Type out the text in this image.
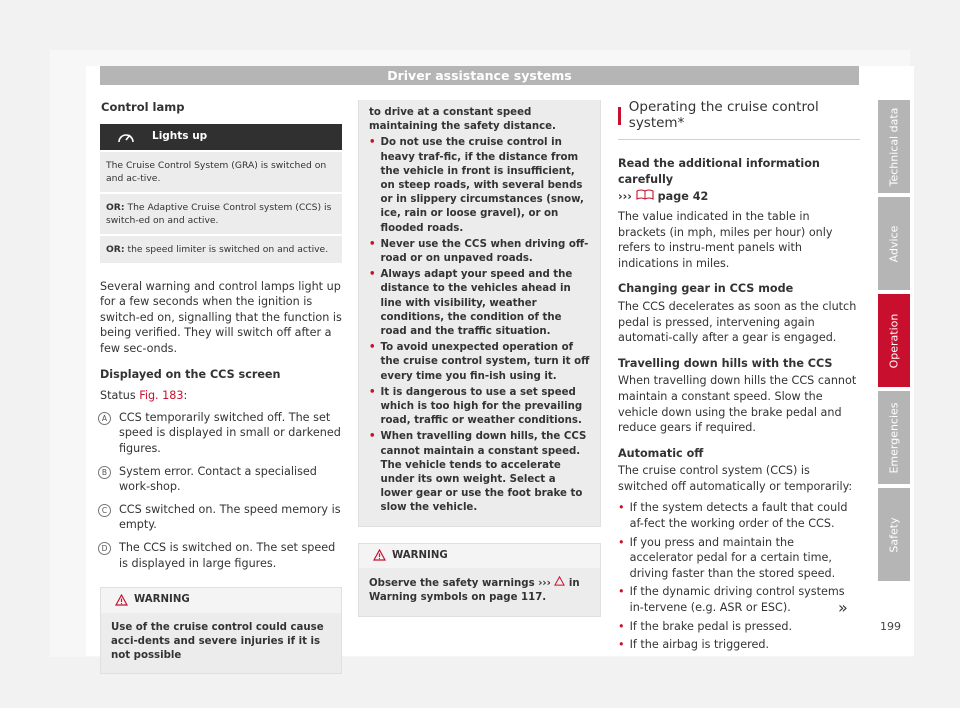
Driver assistance systems
Control lamp
Lights up
The Cruise Control System (GRA) is switched on and ac-tive.
OR: The Adaptive Cruise Control system (CCS) is switch-ed on and active.
OR: the speed limiter is switched on and active.

Several warning and control lamps light up for a few seconds when the ignition is switch-ed on, signalling that the function is being verified. They will switch off after a few sec-onds.

Displayed on the CCS screen

Status Fig. 183:

A	CCS temporarily switched off. The set speed is displayed in small or darkened figures.
B	System error. Contact a specialised work-shop.
C	CCS switched on. The speed memory is empty.
D	The CCS is switched on. The set speed is displayed in large figures.
WARNING
Use of the cruise control could cause acci-dents and severe injuries if it is not possible
to drive at a constant speed maintaining the safety distance.
• Do not use the cruise control in heavy traf-fic, if the distance from the vehicle in front is insufficient, on steep roads, with several bends or in slippery circumstances (snow, ice, rain or loose gravel), or on flooded roads.
• Never use the CCS when driving off-road or on unpaved roads.
• Always adapt your speed and the distance to the vehicles ahead in line with visibility, weather conditions, the condition of the road and the traffic situation.
• To avoid unexpected operation of the cruise control system, turn it off every time you fin-ish using it.
• It is dangerous to use a set speed which is too high for the prevailing road, traffic or weather conditions.
• When travelling down hills, the CCS cannot maintain a constant speed. The vehicle tends to accelerate under its own weight. Select a lower gear or use the foot brake to slow the vehicle.
WARNING
Observe the safety warnings ›››  in Warning symbols on page 117.
Operating the cruise control system*

Read the additional information carefully

››› page 42

The value indicated in the table in brackets (in mph, miles per hour) only refers to instru-ment panels with indications in miles.

Changing gear in CCS mode

The CCS decelerates as soon as the clutch pedal is pressed, intervening again automati-cally after a gear is engaged.

Travelling down hills with the CCS

When travelling down hills the CCS cannot maintain a constant speed. Slow the vehicle down using the brake pedal and reduce gears if required.

Automatic off

The cruise control system (CCS) is switched off automatically or temporarily:

• If the system detects a fault that could af-fect the working order of the CCS.
• If you press and maintain the accelerator pedal for a certain time, driving faster than the stored speed.
• If the dynamic driving control systems in-tervene (e.g. ASR or ESC).
• If the brake pedal is pressed.
• If the airbag is triggered.
»
199
Technical data
Advice
Operation
Emergencies
Safety
